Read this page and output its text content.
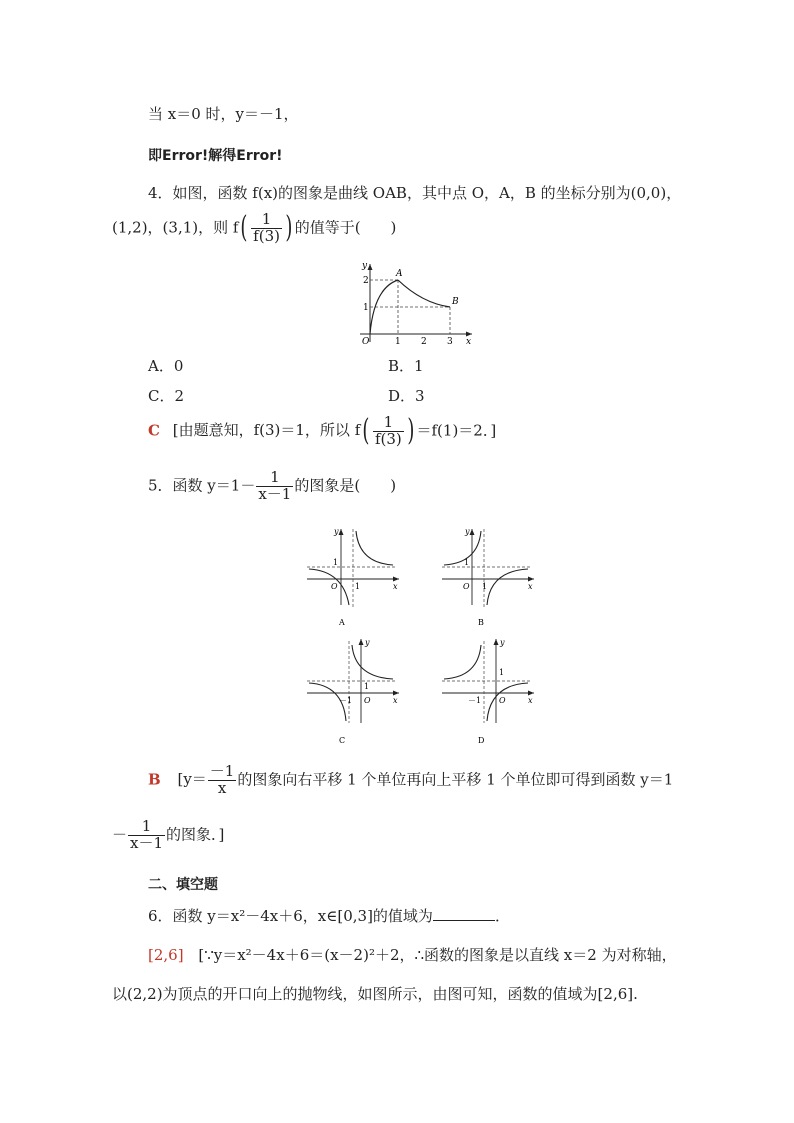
当 x＝0 时，y＝－1，
即Error!解得Error!
4．如图，函数 f(x)的图象是曲线 OAB，其中点 O，A，B 的坐标分别为(0,0)，
(1,2)，(3,1)，则 $f( \frac{1}{f(3)}$ ) 的值等于(　　)
y
x
O
A
B
1
2
1 2 3
A．0	B．1
C．2	D．3
C [由题意知，f(3)＝1，所以 $f( \frac{1}{f(3)}$ ) ＝f(1)＝2．]
5．函数 $y=1- \frac{1}{x-1}$ 的图象是(　　)
y
x
1
1
O
A
y
x
1
1
O
B
y
x
1
－1 O
C
y
x
1
－1 O
D
B [$y= \frac{-1}{x}$ 的图象向右平移 1 个单位再向上平移 1 个单位即可得到函数 y＝1
－ $\frac{1}{x-1}$ 的图象．]
二、填空题
6．函数 y＝x²－4x＋6，x∈[0,3]的值域为	．
[2,6] [∵y＝x²－4x＋6＝(x－2)²＋2，∴函数的图象是以直线 x＝2 为对称轴，
以(2,2)为顶点的开口向上的抛物线，如图所示，由图可知，函数的值域为[2,6].
